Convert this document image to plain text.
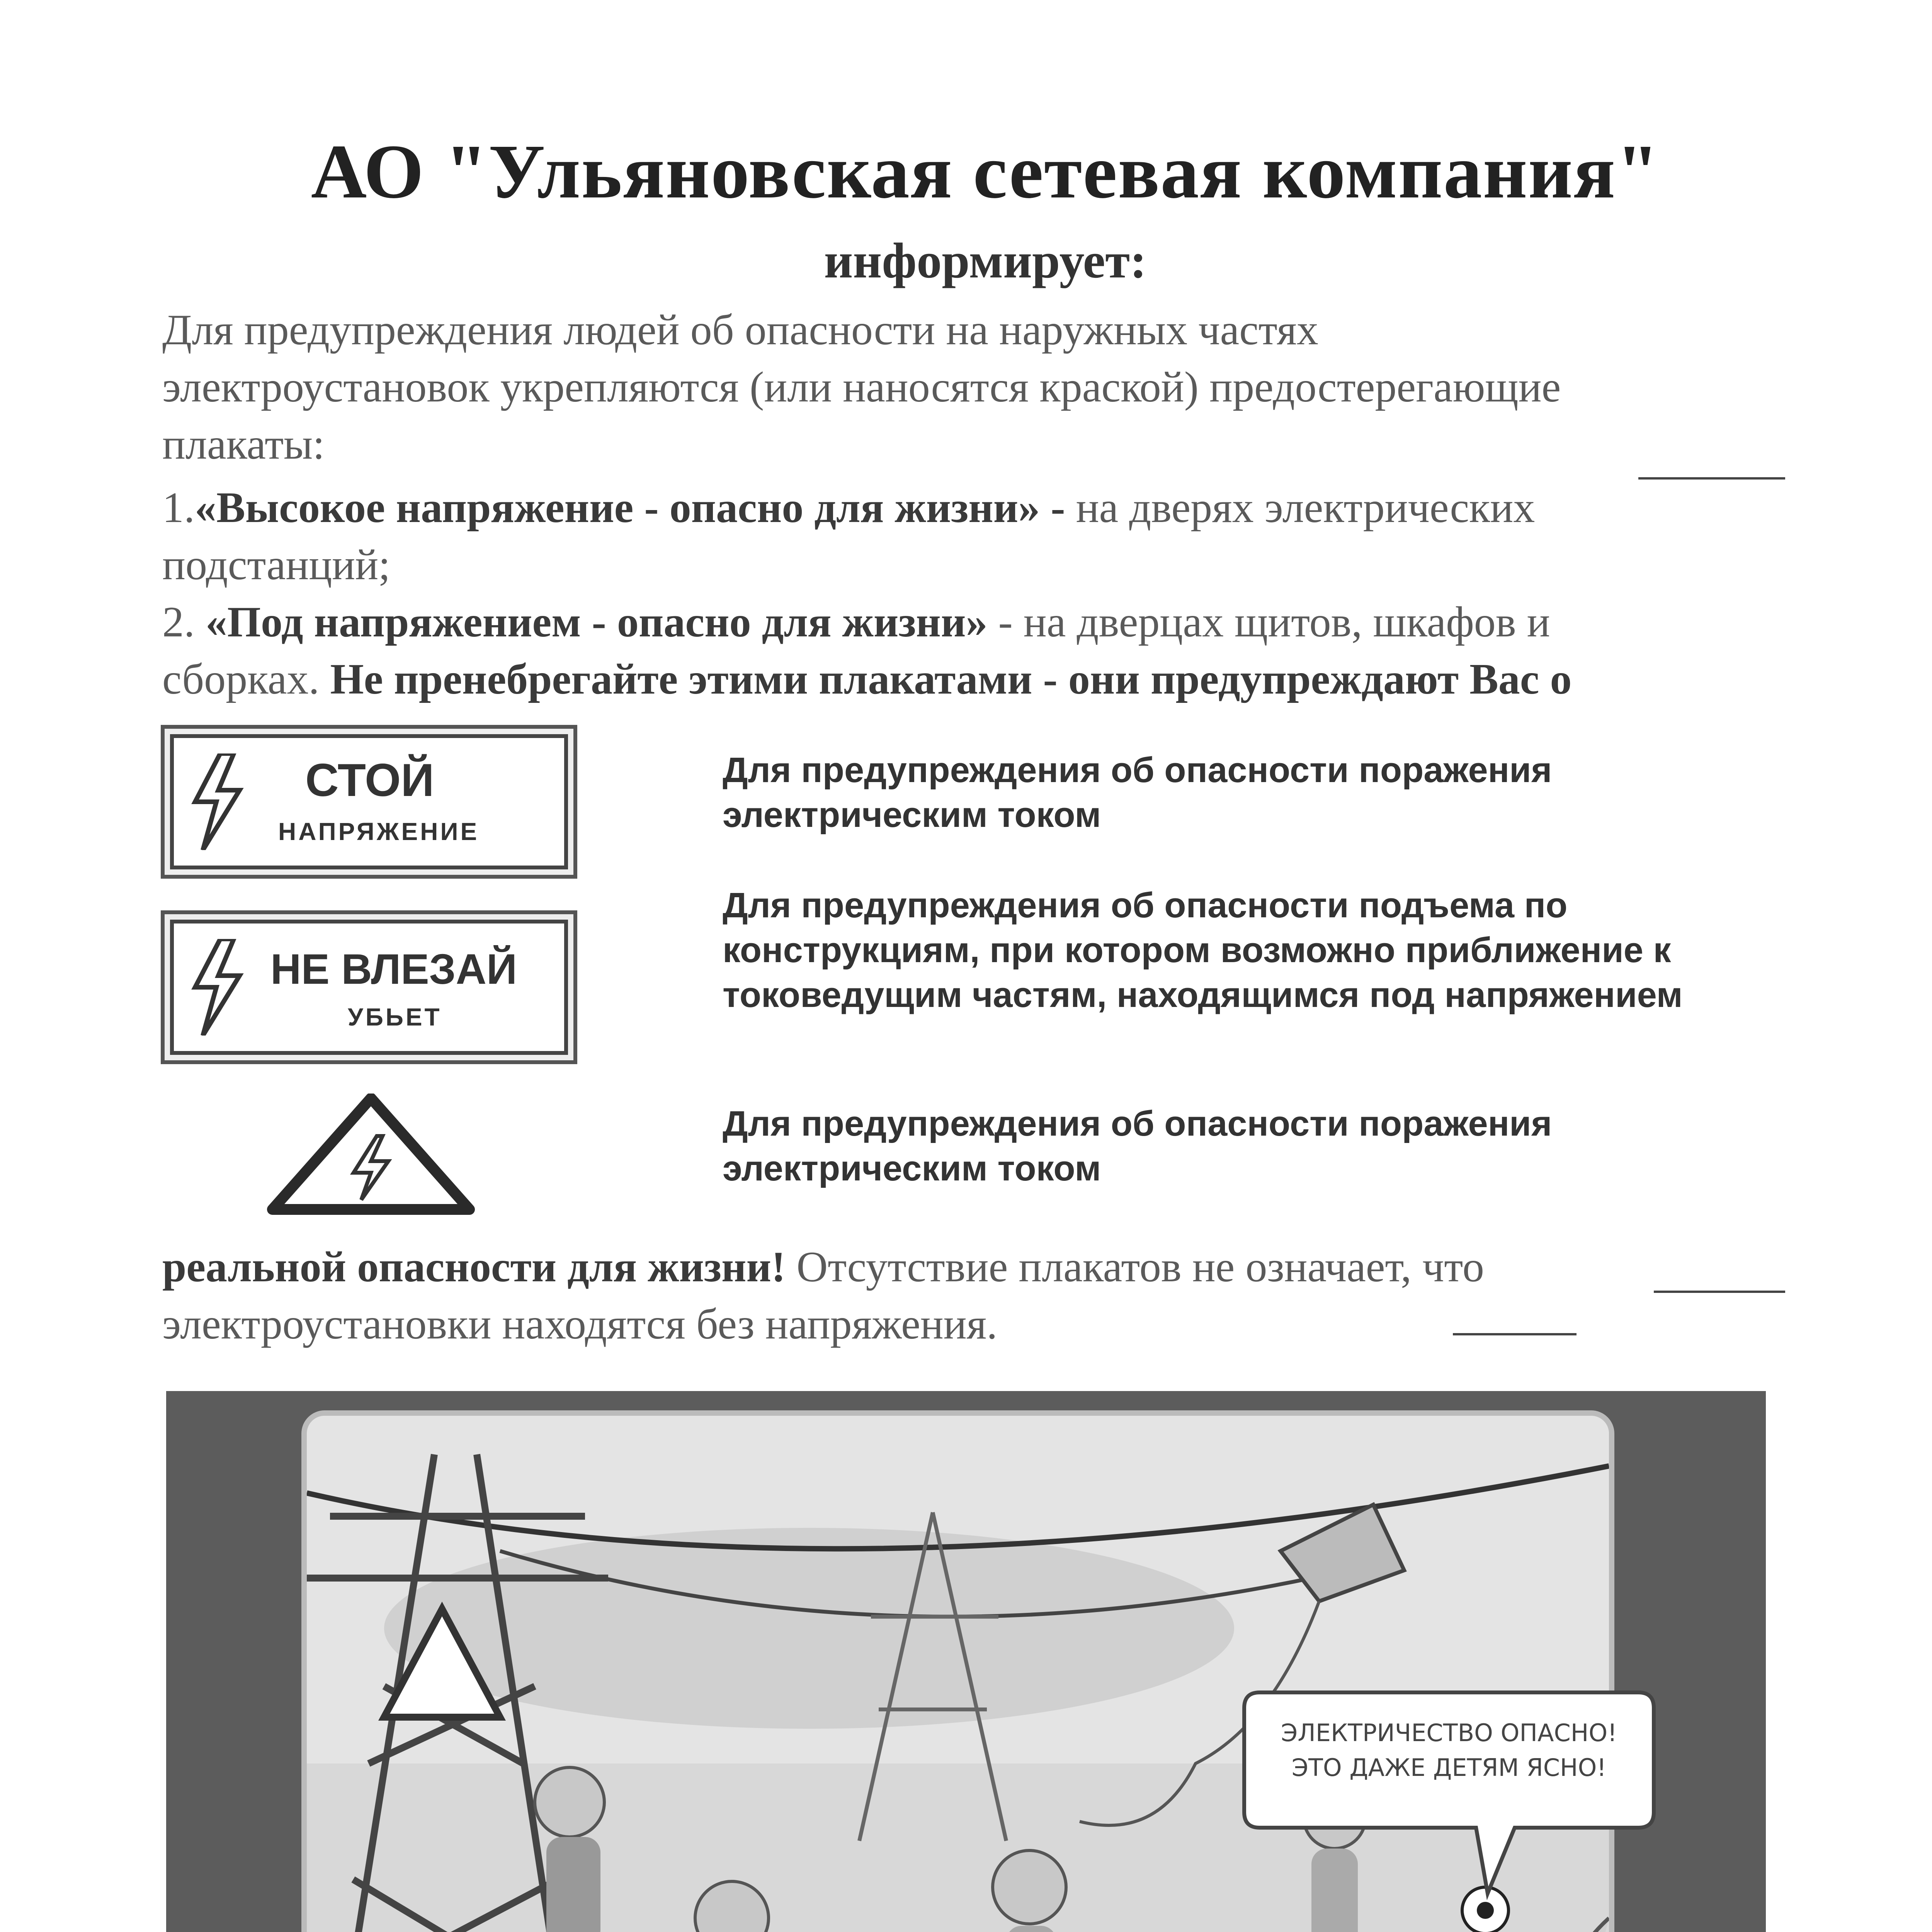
АО "Ульяновская сетевая компания"
информирует:
Для предупреждения людей об опасности на наружных частях
электроустановок укрепляются (или наносятся краской) предостерегающие
плакаты:
1.«Высокое напряжение - опасно для жизни» - на дверях электрических
подстанций;
2. «Под напряжением - опасно для жизни» - на дверцах щитов, шкафов и
сборках. Не пренебрегайте этими плакатами - они предупреждают Вас о
СТОЙ
НАПРЯЖЕНИЕ
Для предупреждения об опасности поражения электрическим током
НЕ ВЛЕЗАЙ
УБЬЕТ
Для предупреждения об опасности подъема по конструкциям, при котором возможно приближение к токоведущим частям, находящимся под напряжением
Для предупреждения об опасности поражения электрическим током
реальной опасности для жизни! Отсутствие плакатов не означает, что
электроустановки находятся без напряжения.
ЭЛЕКТРИЧЕСТВО ОПАСНО!
ЭТО ДАЖЕ ДЕТЯМ ЯСНО!
